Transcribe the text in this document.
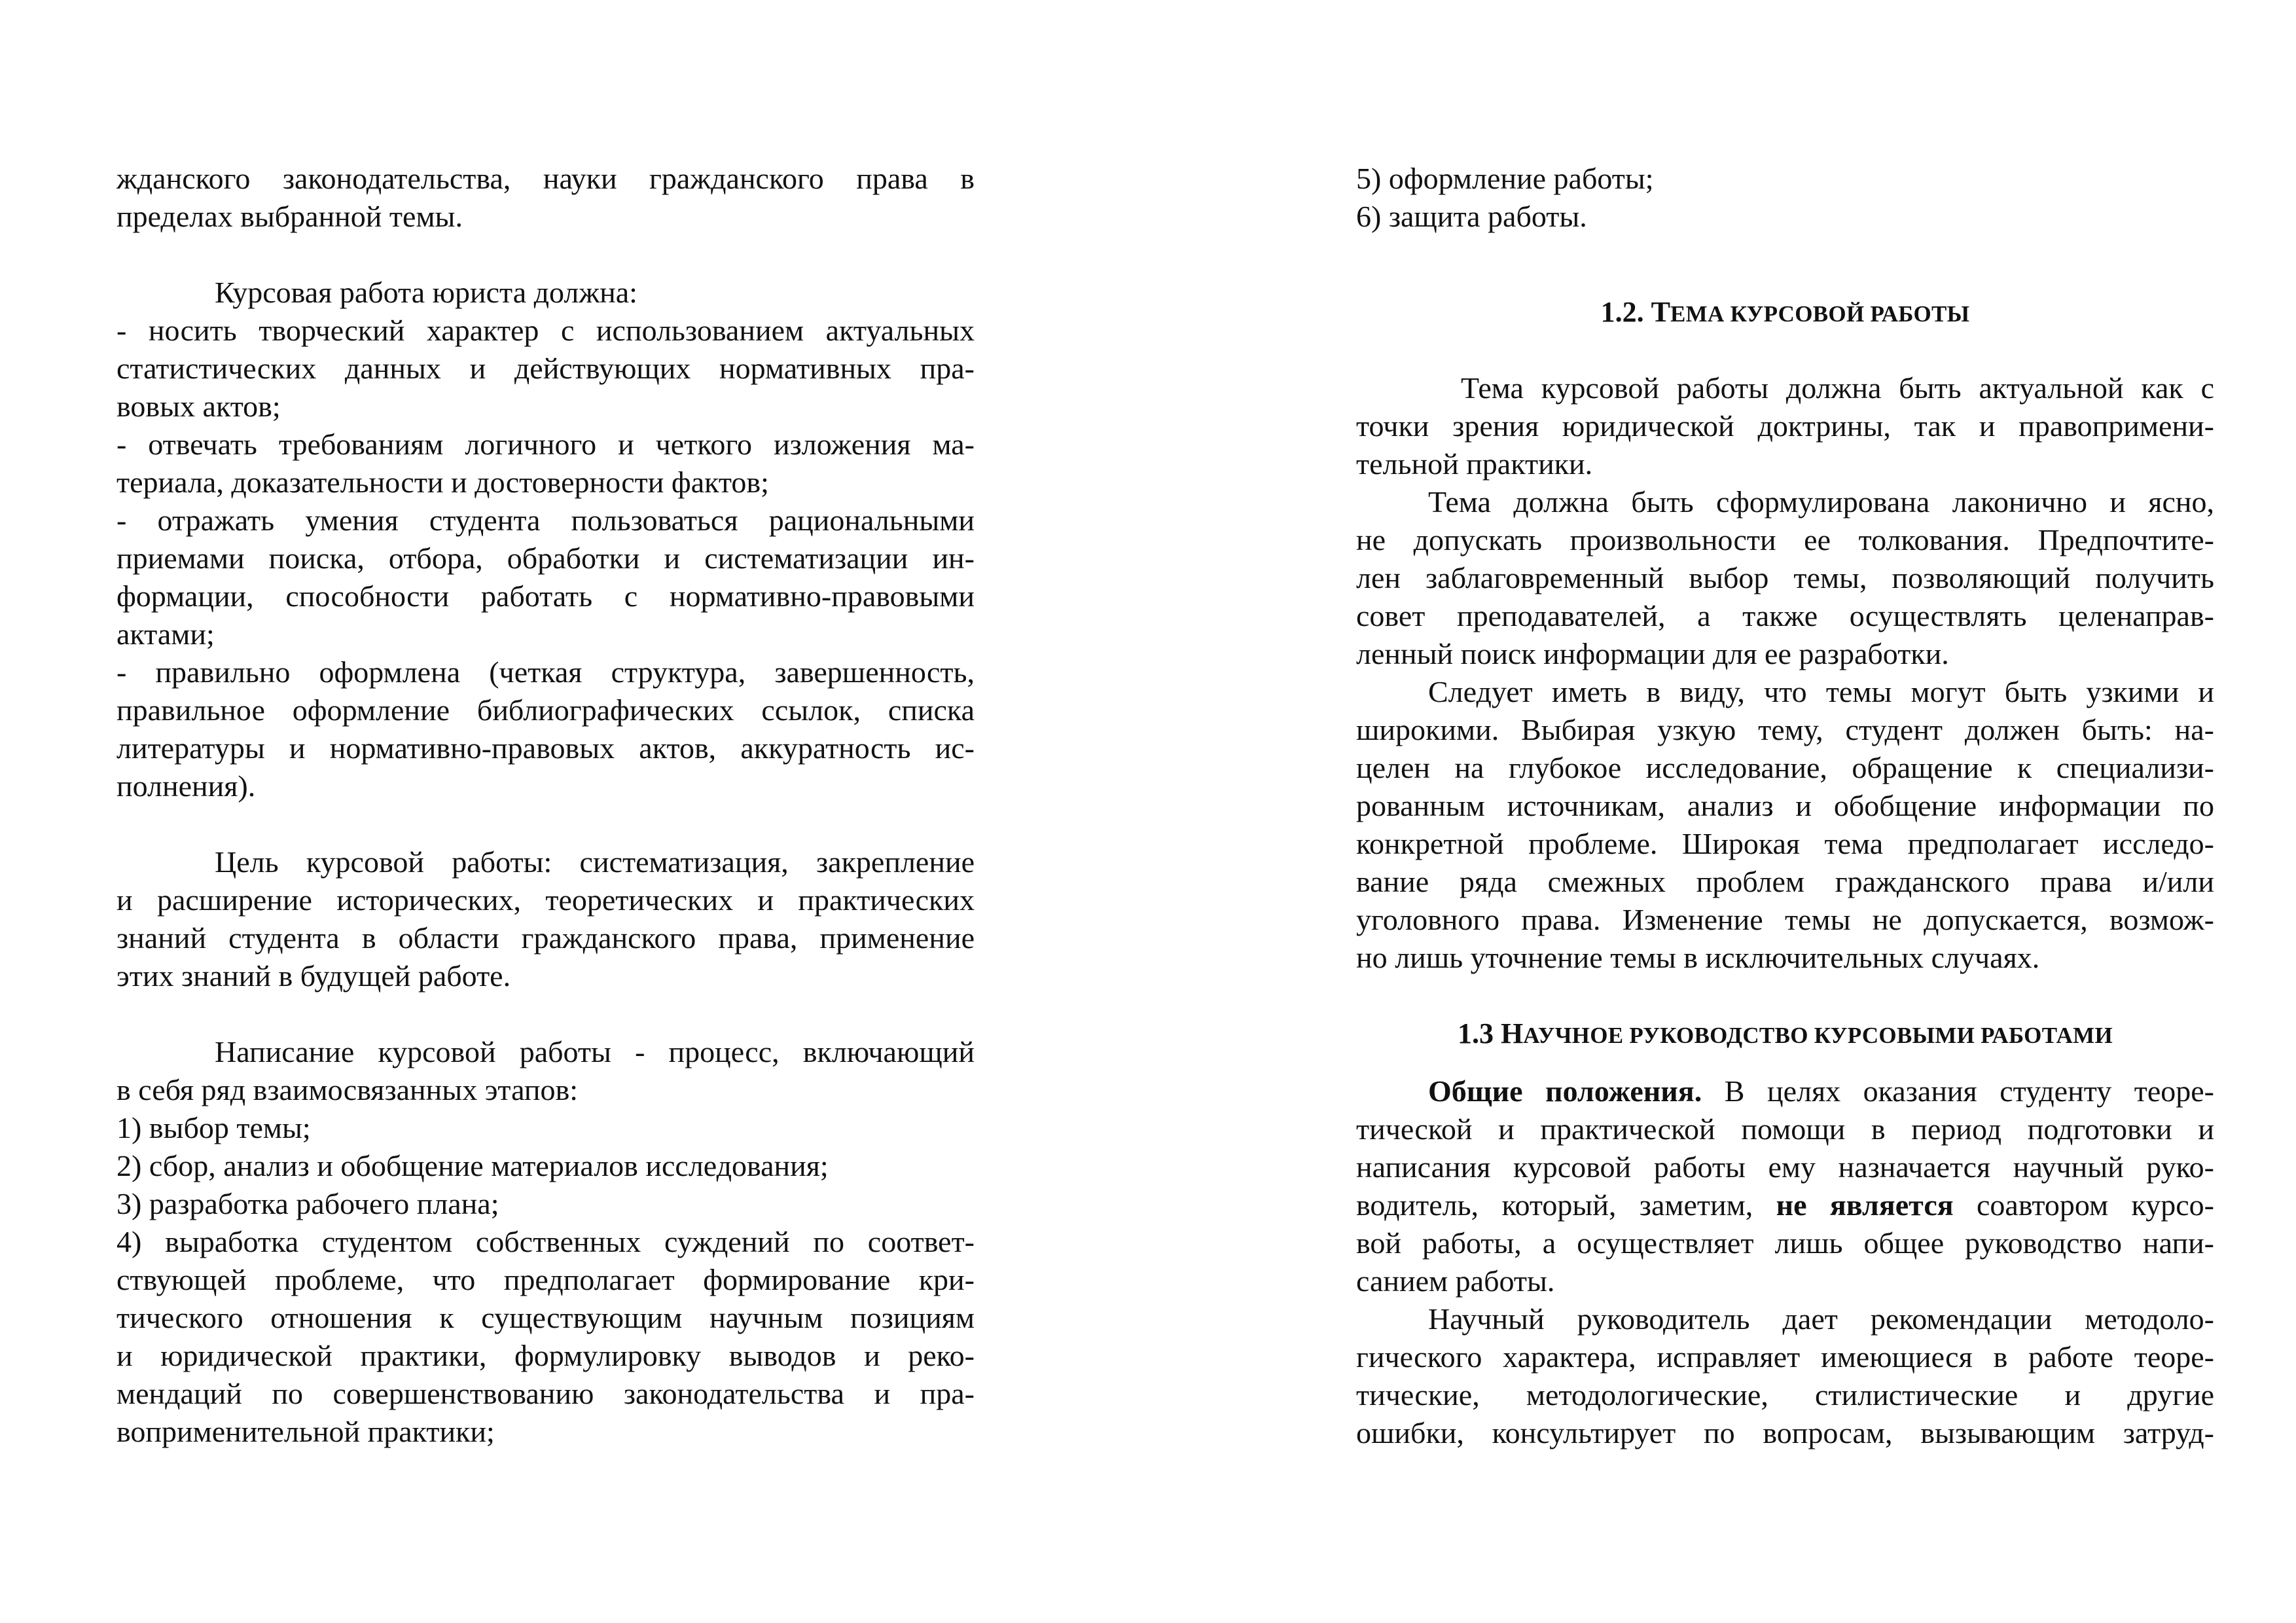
жданского законодательства, науки гражданского права в
пределах выбранной темы.
Курсовая работа юриста должна:
- носить творческий характер с использованием актуальных
статистических данных и действующих нормативных пра-
вовых актов;
- отвечать требованиям логичного и четкого изложения ма-
териала, доказательности и достоверности фактов;
- отражать умения студента пользоваться рациональными
приемами поиска, отбора, обработки и систематизации ин-
формации, способности работать с нормативно-правовыми
актами;
- правильно оформлена (четкая структура, завершенность,
правильное оформление библиографических ссылок, списка
литературы и нормативно-правовых актов, аккуратность ис-
полнения).
Цель курсовой работы: систематизация, закрепление
и расширение исторических, теоретических и практических
знаний студента в области гражданского права, применение
этих знаний в будущей работе.
Написание курсовой работы - процесс, включающий
в себя ряд взаимосвязанных этапов:
1) выбор темы;
2) сбор, анализ и обобщение материалов исследования;
3) разработка рабочего плана;
4) выработка студентом собственных суждений по соответ-
ствующей проблеме, что предполагает формирование кри-
тического отношения к существующим научным позициям
и юридической практики, формулировку выводов и реко-
мендаций по совершенствованию законодательства и пра-
воприменительной практики;
5) оформление работы;
6) защита работы.
1.2. ТЕМА КУРСОВОЙ РАБОТЫ
Тема курсовой работы должна быть актуальной как с
точки зрения юридической доктрины, так и правопримени-
тельной практики.
Тема должна быть сформулирована лаконично и ясно,
не допускать произвольности ее толкования. Предпочтите-
лен заблаговременный выбор темы, позволяющий получить
совет преподавателей, а также осуществлять целенаправ-
ленный поиск информации для ее разработки.
Следует иметь в виду, что темы могут быть узкими и
широкими. Выбирая узкую тему, студент должен быть: на-
целен на глубокое исследование, обращение к специализи-
рованным источникам, анализ и обобщение информации по
конкретной проблеме. Широкая тема предполагает исследо-
вание ряда смежных проблем гражданского права и/или
уголовного права. Изменение темы не допускается, возмож-
но лишь уточнение темы в исключительных случаях.
1.3 НАУЧНОЕ РУКОВОДСТВО КУРСОВЫМИ РАБОТАМИ
Общие положения. В целях оказания студенту теоре-
тической и практической помощи в период подготовки и
написания курсовой работы ему назначается научный руко-
водитель, который, заметим, не является соавтором курсо-
вой работы, а осуществляет лишь общее руководство напи-
санием работы.
Научный руководитель дает рекомендации методоло-
гического характера, исправляет имеющиеся в работе теоре-
тические, методологические, стилистические и другие
ошибки, консультирует по вопросам, вызывающим затруд-
